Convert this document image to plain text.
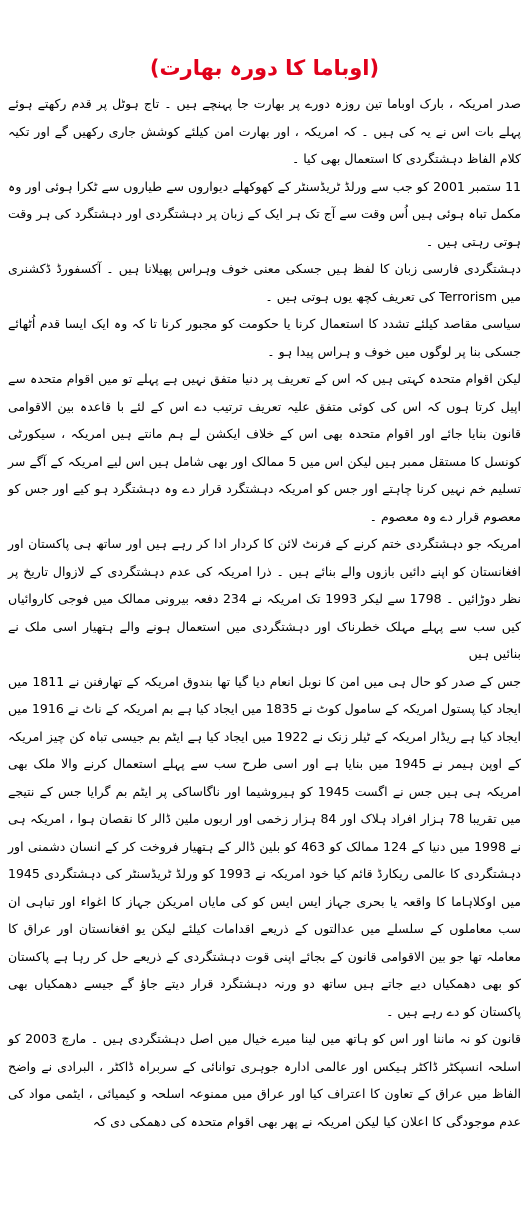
(اوباما کا دورہ بھارت)

صدر امریکہ ، بارک اوباما تین روزہ دورے پر بھارت جا پہنچے ہیں ۔ تاج ہوٹل پر قدم رکھتے ہوئے پہلے بات اس نے یہ کی ہیں ۔ کہ امریکہ ، اور بھارت امن کیلئے کوشش جاری رکھیں گے اور تکیہ کلام الفاظ دہشتگردی کا استعمال بھی کیا ۔

11 ستمبر 2001 کو جب سے ورلڈ ٹریڈسنٹر کے کھوکھلے دیواروں سے طیاروں سے ٹکرا ہوئی اور وہ مکمل تباہ ہوئی ہیں اُس وقت سے آج تک ہر ایک کے زبان پر دہشتگردی اور دہشتگرد کی ہر وقت ہوتی رہتی ہیں ۔

دہشتگردی فارسی زبان کا لفظ ہیں جسکی معنی خوف وہراس پھیلانا ہیں ۔ آکسفورڈ ڈکشنری میں Terrorism کی تعریف کچھ یوں ہوتی ہیں ۔

سیاسی مقاصد کیلئے تشدد کا استعمال کرنا یا حکومت کو مجبور کرنا تا کہ وہ ایک ایسا قدم اُٹھائے جسکی بنا پر لوگوں میں خوف و ہراس پیدا ہو ۔

لیکن اقوام متحدہ کہتی ہیں کہ اس کے تعریف پر دنیا متفق نہیں ہے پہلے تو میں اقوام متحدہ سے اپیل کرتا ہوں کہ اس کی کوئی متفق علیہ تعریف ترتیب دے اس کے لئے با قاعدہ بین الاقوامی قانون بنایا جائے اور اقوام متحدہ بھی اس کے خلاف ایکشن لے ہم مانتے ہیں امریکہ ، سیکورٹی کونسل کا مستقل ممبر ہیں لیکن اس میں 5 ممالک اور بھی شامل ہیں اس لیے امریکہ کے آگے سر تسلیم خم نہیں کرنا چاہتے اور جس کو امریکہ دہشتگرد قرار دے وہ دہشتگرد ہو کیے اور جس کو معصوم قرار دے وہ معصوم ۔

امریکہ جو دہشتگردی ختم کرنے کے فرنٹ لائن کا کردار ادا کر رہے ہیں اور ساتھ ہی پاکستان اور افغانستان کو اپنے دائیں بازوں والے بنائے ہیں ۔ ذرا امریکہ کی عدم دہشتگردی کے لازوال تاریخ پر نظر دوڑائیں ۔ 1798 سے لیکر 1993 تک امریکہ نے 234 دفعہ بیرونی ممالک میں فوجی کاروائیاں کیں سب سے پہلے مہلک خطرناک اور دہشتگردی میں استعمال ہونے والے ہتھیار اسی ملک نے بنائیں ہیں

جس کے صدر کو حال ہی میں امن کا نوبل انعام دیا گیا تھا بندوق امریکہ کے تھارفنن نے 1811 میں ایجاد کیا پستول امریکہ کے سامول کوٹ نے 1835 میں ایجاد کیا ہے بم امریکہ کے ناٹ نے 1916 میں ایجاد کیا ہے ریڈار امریکہ کے ٹیلر زنک نے 1922 میں ایجاد کیا ہے ایٹم بم جیسی تباہ کن چیز امریکہ کے اوپن ہیمر نے 1945 میں بنایا ہے اور اسی طرح سب سے پہلے استعمال کرنے والا ملک بھی امریکہ ہی ہیں جس نے اگست 1945 کو ہیروشیما اور ناگاساکی پر ایٹم بم گرایا جس کے نتیجے میں تقریبا 78 ہزار افراد ہلاک اور 84 ہزار زخمی اور اربوں ملین ڈالر کا نقصان ہوا ، امریکہ ہی نے 1998 میں دنیا کے 124 ممالک کو 463 کو بلین ڈالر کے ہتھیار فروخت کر کے انسان دشمنی اور دہشتگردی کا عالمی ریکارڈ قائم کیا خود امریکہ نے 1993 کو ورلڈ ٹریڈسنٹر کی دہشتگردی 1945 میں اوکلاہاما کا واقعہ یا بحری جہاز ایس ایس کو کی مایاں امریکن جہاز کا اغواء اور تباہی ان سب معاملوں کے سلسلے میں عدالتوں کے ذریعے اقدامات کیلئے لیکن یو افغانستان اور عراق کا معاملہ تھا جو بین الاقوامی قانون کے بجائے اپنی قوت دہشتگردی کے ذریعے حل کر رہا ہے پاکستان کو بھی دھمکیاں دیے جاتے ہیں ساتھ دو ورنہ دہشتگرد قرار دیتے جاؤ گے جیسے دھمکیاں بھی پاکستان کو دے رہے ہیں ۔

قانون کو نہ ماننا اور اس کو ہاتھ میں لینا میرے خیال میں اصل دہشتگردی ہیں ۔ مارچ 2003 کو اسلحہ انسپکٹر ڈاکٹر ہیکس اور عالمی ادارہ جوہری توانائی کے سربراہ ڈاکٹر ، البرادی نے واضح الفاظ میں عراق کے تعاون کا اعتراف کیا اور عراق میں ممنوعہ اسلحہ و کیمیائی ، ایٹمی مواد کی عدم موجودگی کا اعلان کیا لیکن امریکہ نے پھر بھی اقوام متحدہ کی دھمکی دی کہ
